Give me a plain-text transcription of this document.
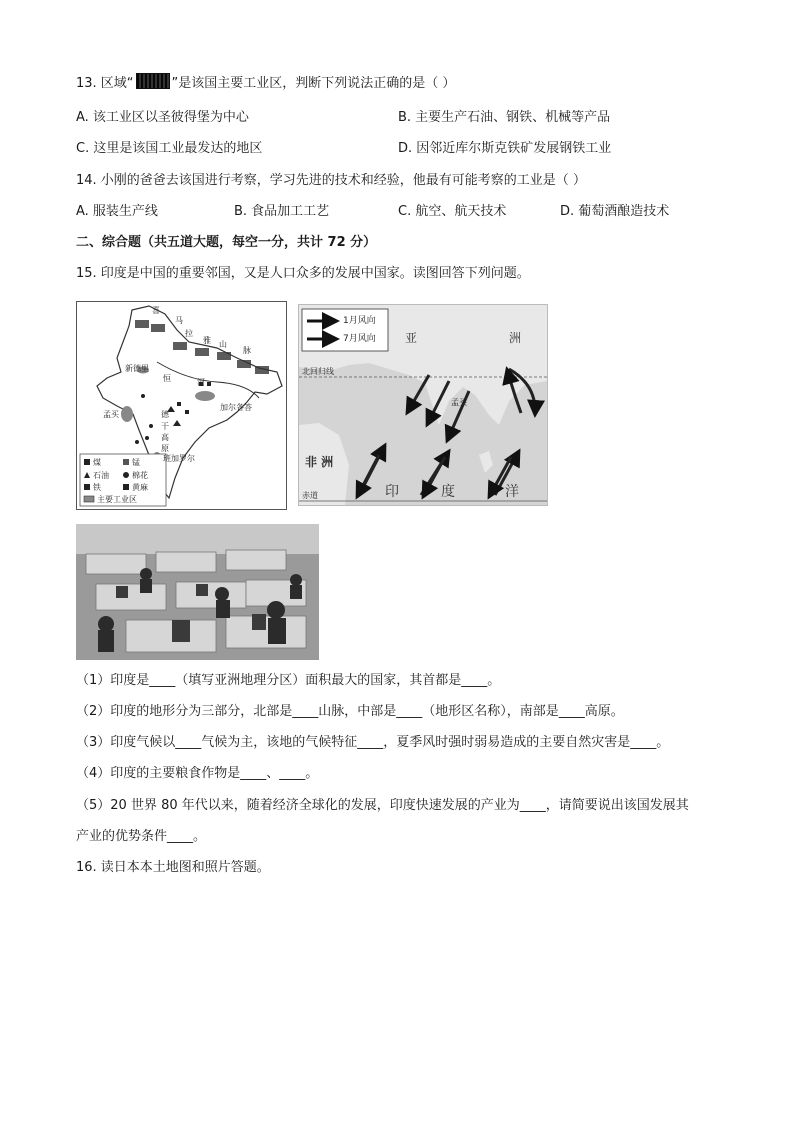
13. 区域“	”是该国主要工业区，判断下列说法正确的是（ ）
A. 该工业区以圣彼得堡为中心	B. 主要生产石油、钢铁、机械等产品
C. 这里是该国工业最发达的地区	D. 因邻近库尔斯克铁矿发展钢铁工业
14. 小刚的爸爸去该国进行考察，学习先进的技术和经验，他最有可能考察的工业是（ ）
A. 服装生产线	B. 食品加工工艺	C. 航空、航天技术	D. 葡萄酒酿造技术
二、综合题（共五道大题，每空一分，共计 72 分）
15. 印度是中国的重要邻国，又是人口众多的发展中国家。读图回答下列问题。
喜
马
拉
雅 山
脉
新德里
恒	河
加尔各答
孟买	德
干
高
原
班加罗尔
煤	锰
石油	棉花
铁	黄麻
主要工业区
1月风向
7月风向 亚	洲
北回归线
孟买
非 洲
赤道	印	度	洋
（1）印度是____（填写亚洲地理分区）面积最大的国家，其首都是____。
（2）印度的地形分为三部分，北部是____山脉，中部是____（地形区名称），南部是____高原。
（3）印度气候以____气候为主，该地的气候特征____，夏季风时强时弱易造成的主要自然灾害是____。
（4）印度的主要粮食作物是____、____。
（5）20 世界 80 年代以来，随着经济全球化的发展，印度快速发展的产业为____，请简要说出该国发展其
产业的优势条件____。
16. 读日本本土地图和照片答题。
